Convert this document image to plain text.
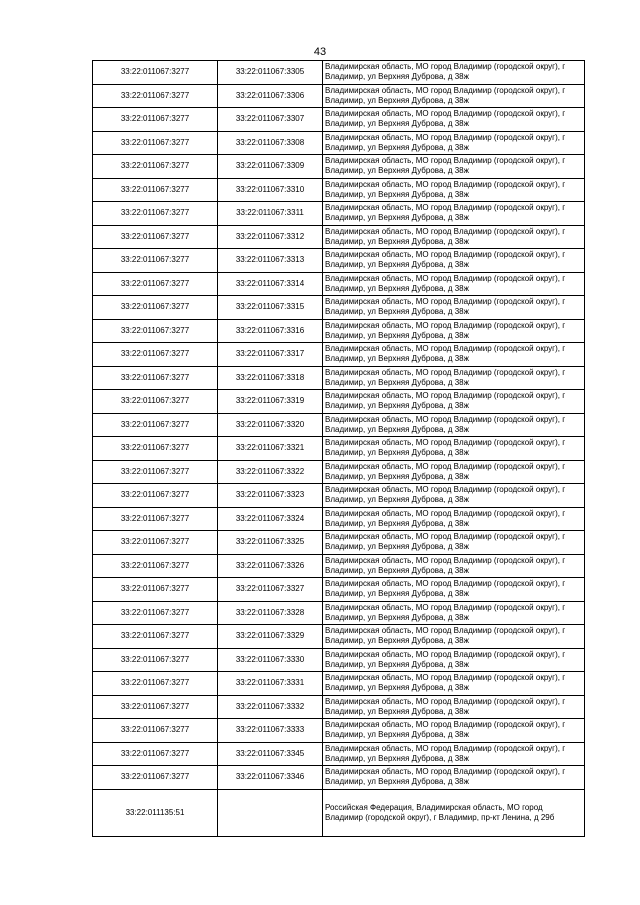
43
33:22:011067:3277	33:22:011067:3305	Владимирская область, МО город Владимир (городской округ), г
Владимир, ул Верхняя Дуброва, д 38ж

33:22:011067:3277	33:22:011067:3306	Владимирская область, МО город Владимир (городской округ), г
Владимир, ул Верхняя Дуброва, д 38ж

33:22:011067:3277	33:22:011067:3307	Владимирская область, МО город Владимир (городской округ), г
Владимир, ул Верхняя Дуброва, д 38ж

33:22:011067:3277	33:22:011067:3308	Владимирская область, МО город Владимир (городской округ), г
Владимир, ул Верхняя Дуброва, д 38ж

33:22:011067:3277	33:22:011067:3309	Владимирская область, МО город Владимир (городской округ), г
Владимир, ул Верхняя Дуброва, д 38ж

33:22:011067:3277	33:22:011067:3310	Владимирская область, МО город Владимир (городской округ), г
Владимир, ул Верхняя Дуброва, д 38ж

33:22:011067:3277	33:22:011067:3311	Владимирская область, МО город Владимир (городской округ), г
Владимир, ул Верхняя Дуброва, д 38ж

33:22:011067:3277	33:22:011067:3312	Владимирская область, МО город Владимир (городской округ), г
Владимир, ул Верхняя Дуброва, д 38ж

33:22:011067:3277	33:22:011067:3313	Владимирская область, МО город Владимир (городской округ), г
Владимир, ул Верхняя Дуброва, д 38ж

33:22:011067:3277	33:22:011067:3314	Владимирская область, МО город Владимир (городской округ), г
Владимир, ул Верхняя Дуброва, д 38ж

33:22:011067:3277	33:22:011067:3315	Владимирская область, МО город Владимир (городской округ), г
Владимир, ул Верхняя Дуброва, д 38ж

33:22:011067:3277	33:22:011067:3316	Владимирская область, МО город Владимир (городской округ), г
Владимир, ул Верхняя Дуброва, д 38ж

33:22:011067:3277	33:22:011067:3317	Владимирская область, МО город Владимир (городской округ), г
Владимир, ул Верхняя Дуброва, д 38ж

33:22:011067:3277	33:22:011067:3318	Владимирская область, МО город Владимир (городской округ), г
Владимир, ул Верхняя Дуброва, д 38ж

33:22:011067:3277	33:22:011067:3319	Владимирская область, МО город Владимир (городской округ), г
Владимир, ул Верхняя Дуброва, д 38ж

33:22:011067:3277	33:22:011067:3320	Владимирская область, МО город Владимир (городской округ), г
Владимир, ул Верхняя Дуброва, д 38ж

33:22:011067:3277	33:22:011067:3321	Владимирская область, МО город Владимир (городской округ), г
Владимир, ул Верхняя Дуброва, д 38ж

33:22:011067:3277	33:22:011067:3322	Владимирская область, МО город Владимир (городской округ), г
Владимир, ул Верхняя Дуброва, д 38ж

33:22:011067:3277	33:22:011067:3323	Владимирская область, МО город Владимир (городской округ), г
Владимир, ул Верхняя Дуброва, д 38ж

33:22:011067:3277	33:22:011067:3324	Владимирская область, МО город Владимир (городской округ), г
Владимир, ул Верхняя Дуброва, д 38ж

33:22:011067:3277	33:22:011067:3325	Владимирская область, МО город Владимир (городской округ), г
Владимир, ул Верхняя Дуброва, д 38ж

33:22:011067:3277	33:22:011067:3326	Владимирская область, МО город Владимир (городской округ), г
Владимир, ул Верхняя Дуброва, д 38ж

33:22:011067:3277	33:22:011067:3327	Владимирская область, МО город Владимир (городской округ), г
Владимир, ул Верхняя Дуброва, д 38ж

33:22:011067:3277	33:22:011067:3328	Владимирская область, МО город Владимир (городской округ), г
Владимир, ул Верхняя Дуброва, д 38ж

33:22:011067:3277	33:22:011067:3329	Владимирская область, МО город Владимир (городской округ), г
Владимир, ул Верхняя Дуброва, д 38ж

33:22:011067:3277	33:22:011067:3330	Владимирская область, МО город Владимир (городской округ), г
Владимир, ул Верхняя Дуброва, д 38ж

33:22:011067:3277	33:22:011067:3331	Владимирская область, МО город Владимир (городской округ), г
Владимир, ул Верхняя Дуброва, д 38ж

33:22:011067:3277	33:22:011067:3332	Владимирская область, МО город Владимир (городской округ), г
Владимир, ул Верхняя Дуброва, д 38ж

33:22:011067:3277	33:22:011067:3333	Владимирская область, МО город Владимир (городской округ), г
Владимир, ул Верхняя Дуброва, д 38ж

33:22:011067:3277	33:22:011067:3345	Владимирская область, МО город Владимир (городской округ), г
Владимир, ул Верхняя Дуброва, д 38ж

33:22:011067:3277	33:22:011067:3346	Владимирская область, МО город Владимир (городской округ), г
Владимир, ул Верхняя Дуброва, д 38ж

33:22:011135:51		Российская Федерация, Владимирская область, МО город
Владимир (городской округ), г Владимир, пр-кт Ленина, д 29б
